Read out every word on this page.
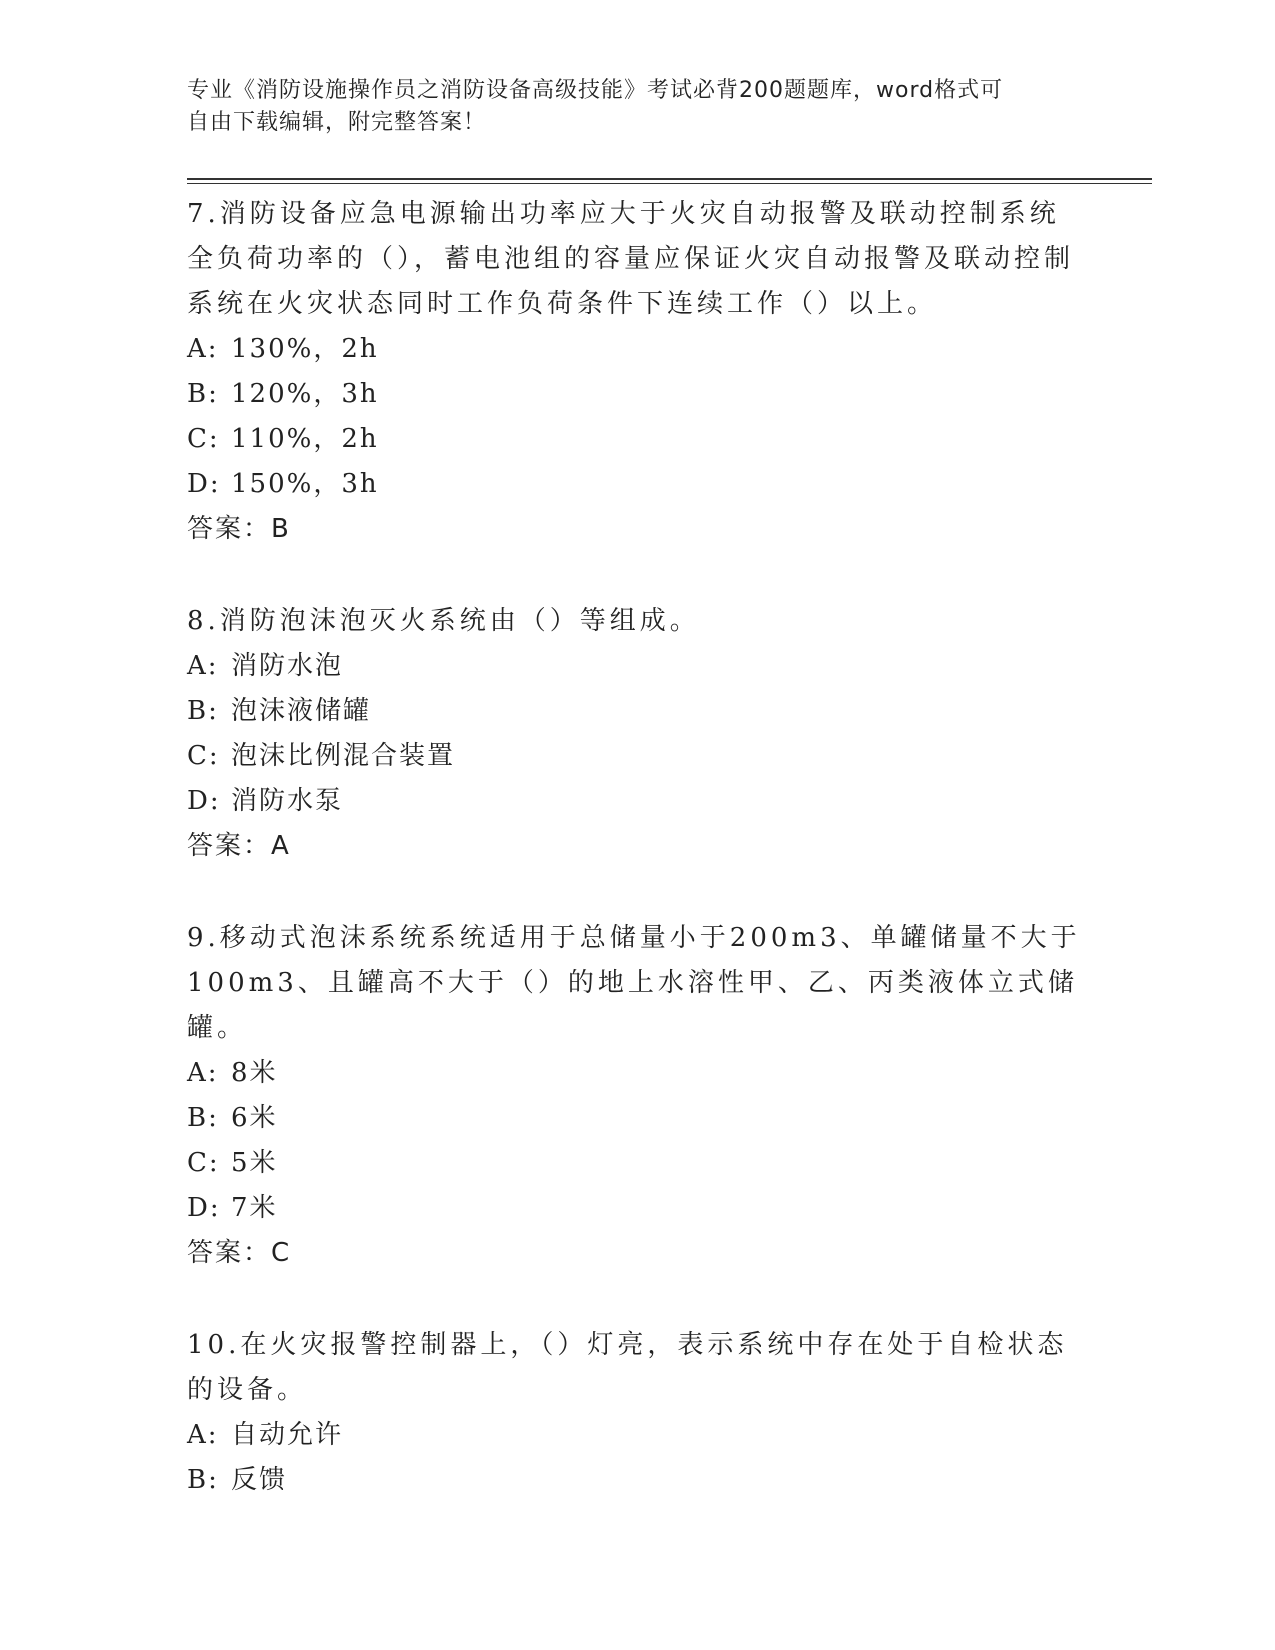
专业《消防设施操作员之消防设备高级技能》考试必背200题题库，word格式可
自由下载编辑，附完整答案！

7.消防设备应急电源输出功率应大于火灾自动报警及联动控制系统全负荷功率的（），蓄电池组的容量应保证火灾自动报警及联动控制系统在火灾状态同时工作负荷条件下连续工作（）以上。

A: 130%，2h
B: 120%，3h
C: 110%，2h
D: 150%，3h
答案：B

8.消防泡沫泡灭火系统由（）等组成。

A: 消防水泡
B: 泡沫液储罐
C: 泡沫比例混合装置
D: 消防水泵
答案：A

9.移动式泡沫系统系统适用于总储量小于200m3、单罐储量不大于100m3、且罐高不大于（）的地上水溶性甲、乙、丙类液体立式储罐。

A: 8米
B: 6米
C: 5米
D: 7米
答案：C

10.在火灾报警控制器上，（）灯亮，表示系统中存在处于自检状态的设备。

A: 自动允许
B: 反馈
